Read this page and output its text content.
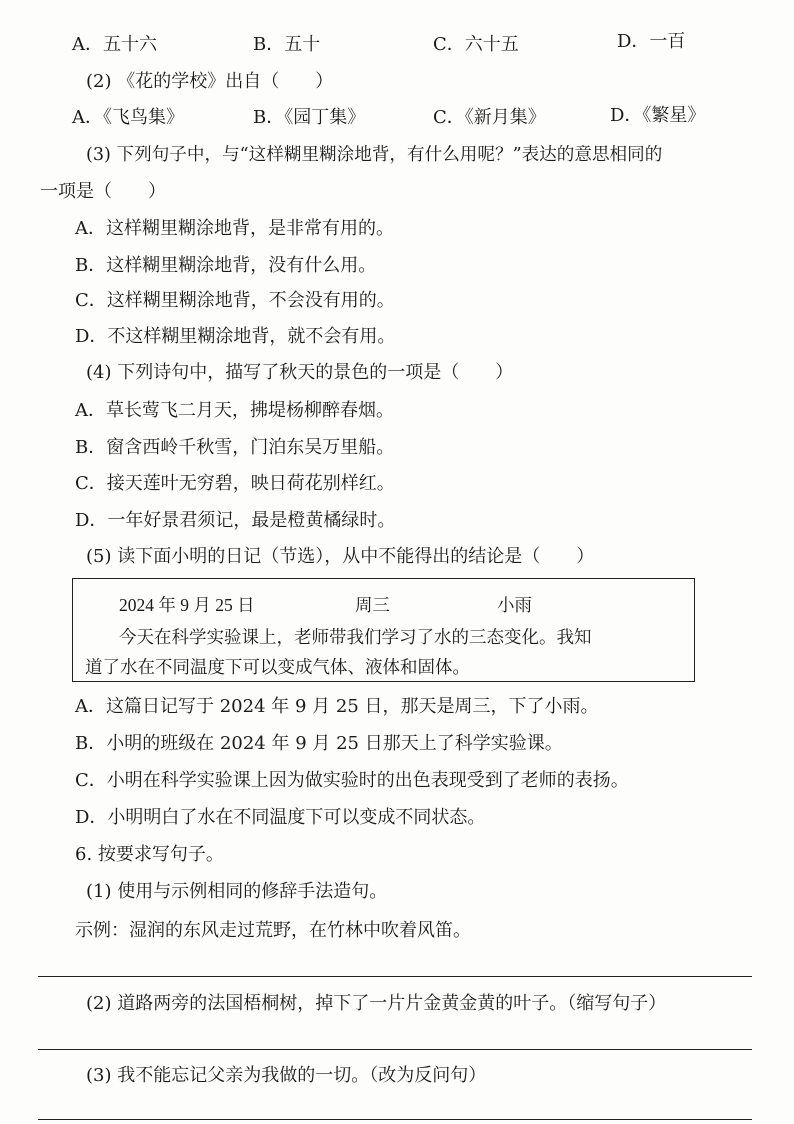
A．五十六	B．五十	C．六十五	D．一百
(2) 《花的学校》出自（　　）
A．《飞鸟集》	B．《园丁集》	C．《新月集》	D．《繁星》
(3) 下列句子中，与“这样糊里糊涂地背，有什么用呢？”表达的意思相同的
一项是（　　）
A．这样糊里糊涂地背，是非常有用的。
B．这样糊里糊涂地背，没有什么用。
C．这样糊里糊涂地背，不会没有用的。
D．不这样糊里糊涂地背，就不会有用。
(4) 下列诗句中，描写了秋天的景色的一项是（　　）
A．草长莺飞二月天，拂堤杨柳醉春烟。
B．窗含西岭千秋雪，门泊东吴万里船。
C．接天莲叶无穷碧，映日荷花别样红。
D．一年好景君须记，最是橙黄橘绿时。
(5) 读下面小明的日记（节选），从中不能得出的结论是（　　）
2024 年 9 月 25 日	周三	小雨
今天在科学实验课上，老师带我们学习了水的三态变化。我知
道了水在不同温度下可以变成气体、液体和固体。
A．这篇日记写于 2024 年 9 月 25 日，那天是周三，下了小雨。
B．小明的班级在 2024 年 9 月 25 日那天上了科学实验课。
C．小明在科学实验课上因为做实验时的出色表现受到了老师的表扬。
D．小明明白了水在不同温度下可以变成不同状态。
6. 按要求写句子。
(1) 使用与示例相同的修辞手法造句。
示例：湿润的东风走过荒野，在竹林中吹着风笛。
(2) 道路两旁的法国梧桐树，掉下了一片片金黄金黄的叶子。（缩写句子）
(3) 我不能忘记父亲为我做的一切。（改为反问句）
